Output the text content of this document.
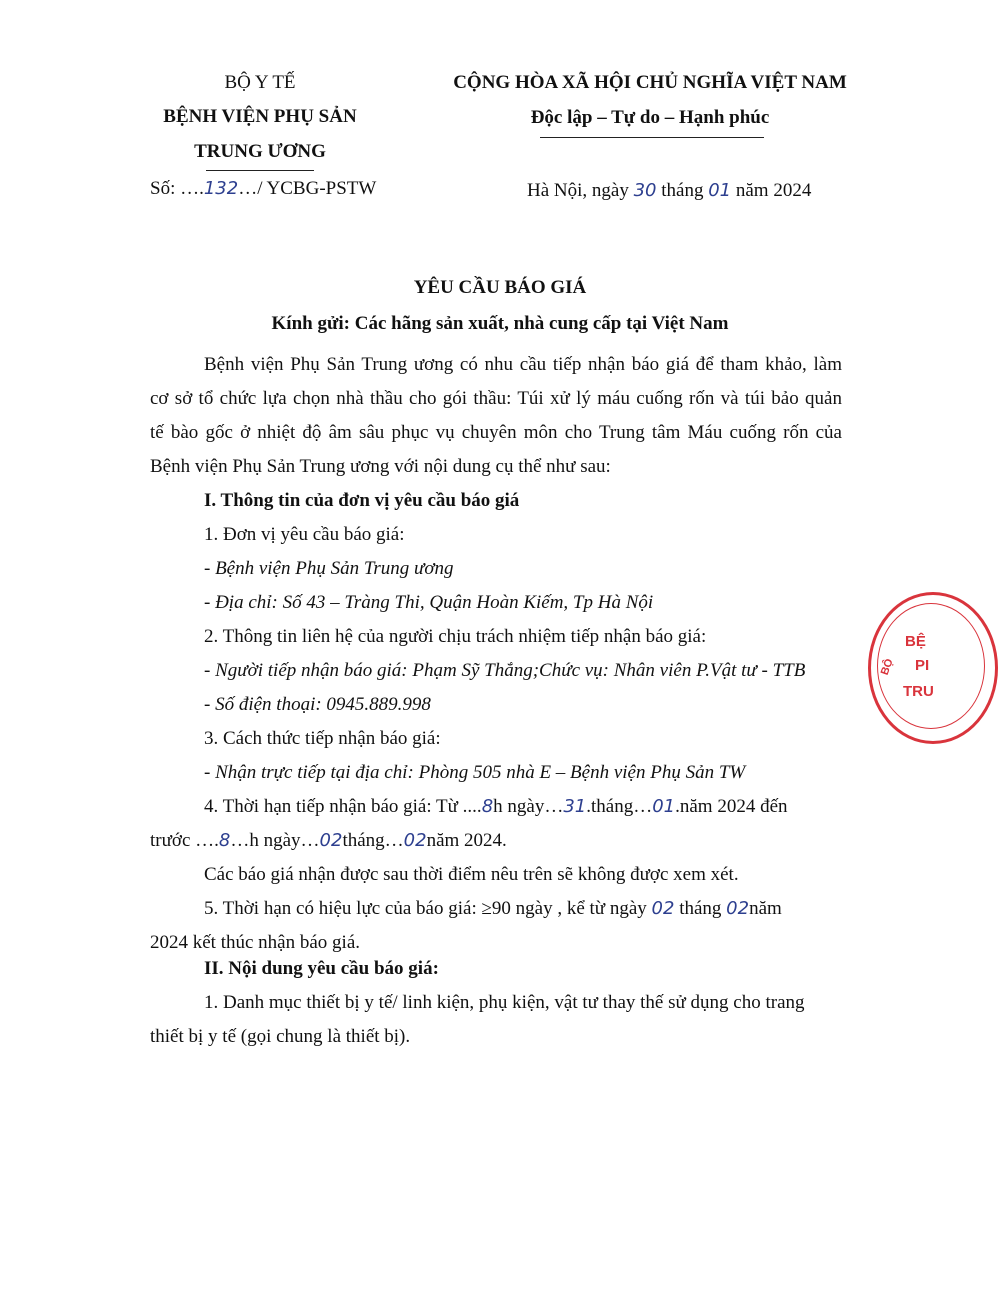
BỘ Y TẾ
BỆNH VIỆN PHỤ SẢN
TRUNG ƯƠNG
Số: ….132…/ YCBG-PSTW
CỘNG HÒA XÃ HỘI CHỦ NGHĨA VIỆT NAM
Độc lập – Tự do – Hạnh phúc
Hà Nội, ngày 30 tháng 01 năm 2024
YÊU CẦU BÁO GIÁ
Kính gửi: Các hãng sản xuất, nhà cung cấp tại Việt Nam
Bệnh viện Phụ Sản Trung ương có nhu cầu tiếp nhận báo giá để tham khảo, làm
cơ sở tổ chức lựa chọn nhà thầu cho gói thầu: Túi xử lý máu cuống rốn và túi bảo quản
tế bào gốc ở nhiệt độ âm sâu phục vụ chuyên môn cho Trung tâm Máu cuống rốn của
Bệnh viện Phụ Sản Trung ương với nội dung cụ thể như sau:
I. Thông tin của đơn vị yêu cầu báo giá
1. Đơn vị yêu cầu báo giá:
- Bệnh viện Phụ Sản Trung ương
- Địa chỉ: Số 43 – Tràng Thi, Quận Hoàn Kiếm, Tp Hà Nội
2. Thông tin liên hệ của người chịu trách nhiệm tiếp nhận báo giá:
- Người tiếp nhận báo giá: Phạm Sỹ Thắng;Chức vụ: Nhân viên P.Vật tư - TTB
- Số điện thoại: 0945.889.998
3. Cách thức tiếp nhận báo giá:
- Nhận trực tiếp tại địa chỉ: Phòng 505 nhà E – Bệnh viện Phụ Sản TW
4. Thời hạn tiếp nhận báo giá: Từ ....8h ngày…31.tháng…01.năm 2024 đến
trước ….8…h ngày…02tháng…02năm 2024.
Các báo giá nhận được sau thời điểm nêu trên sẽ không được xem xét.
5. Thời hạn có hiệu lực của báo giá: ≥90 ngày , kể từ ngày 02 tháng 02năm
2024 kết thúc nhận báo giá.
II. Nội dung yêu cầu báo giá:
1. Danh mục thiết bị y tế/ linh kiện, phụ kiện, vật tư thay thế sử dụng cho trang
thiết bị y tế (gọi chung là thiết bị).
BỆ
PI
TRU
BỘ
